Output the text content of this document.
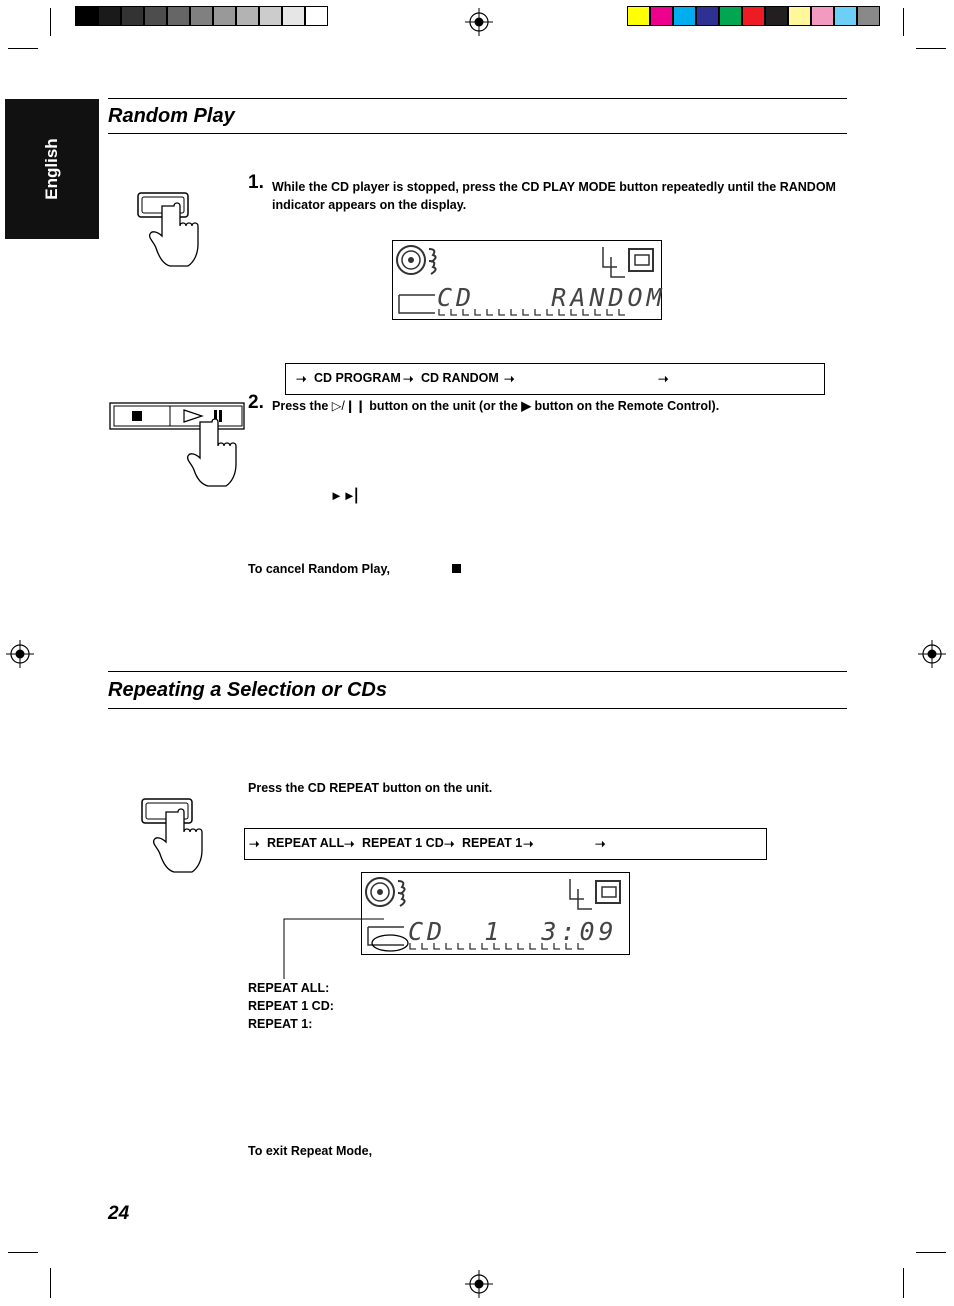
English
Random Play
1. While the CD player is stopped, press the CD PLAY MODE button repeatedly until the RANDOM
indicator appears on the display.
CD    RANDOM
➝ CD PROGRAM ➝ CD RANDOM ➝	➝
2. Press the ▷/❙❙ button on the unit (or the ▶ button on the Remote Control).
►►▏
To cancel Random Play,
Repeating a Selection or CDs
Press the CD REPEAT button on the unit.
➝ REPEAT ALL ➝ REPEAT 1 CD ➝ REPEAT 1 ➝	➝
CD  1  3:09
REPEAT ALL:
REPEAT 1 CD:
REPEAT 1:
To exit Repeat Mode,
24
